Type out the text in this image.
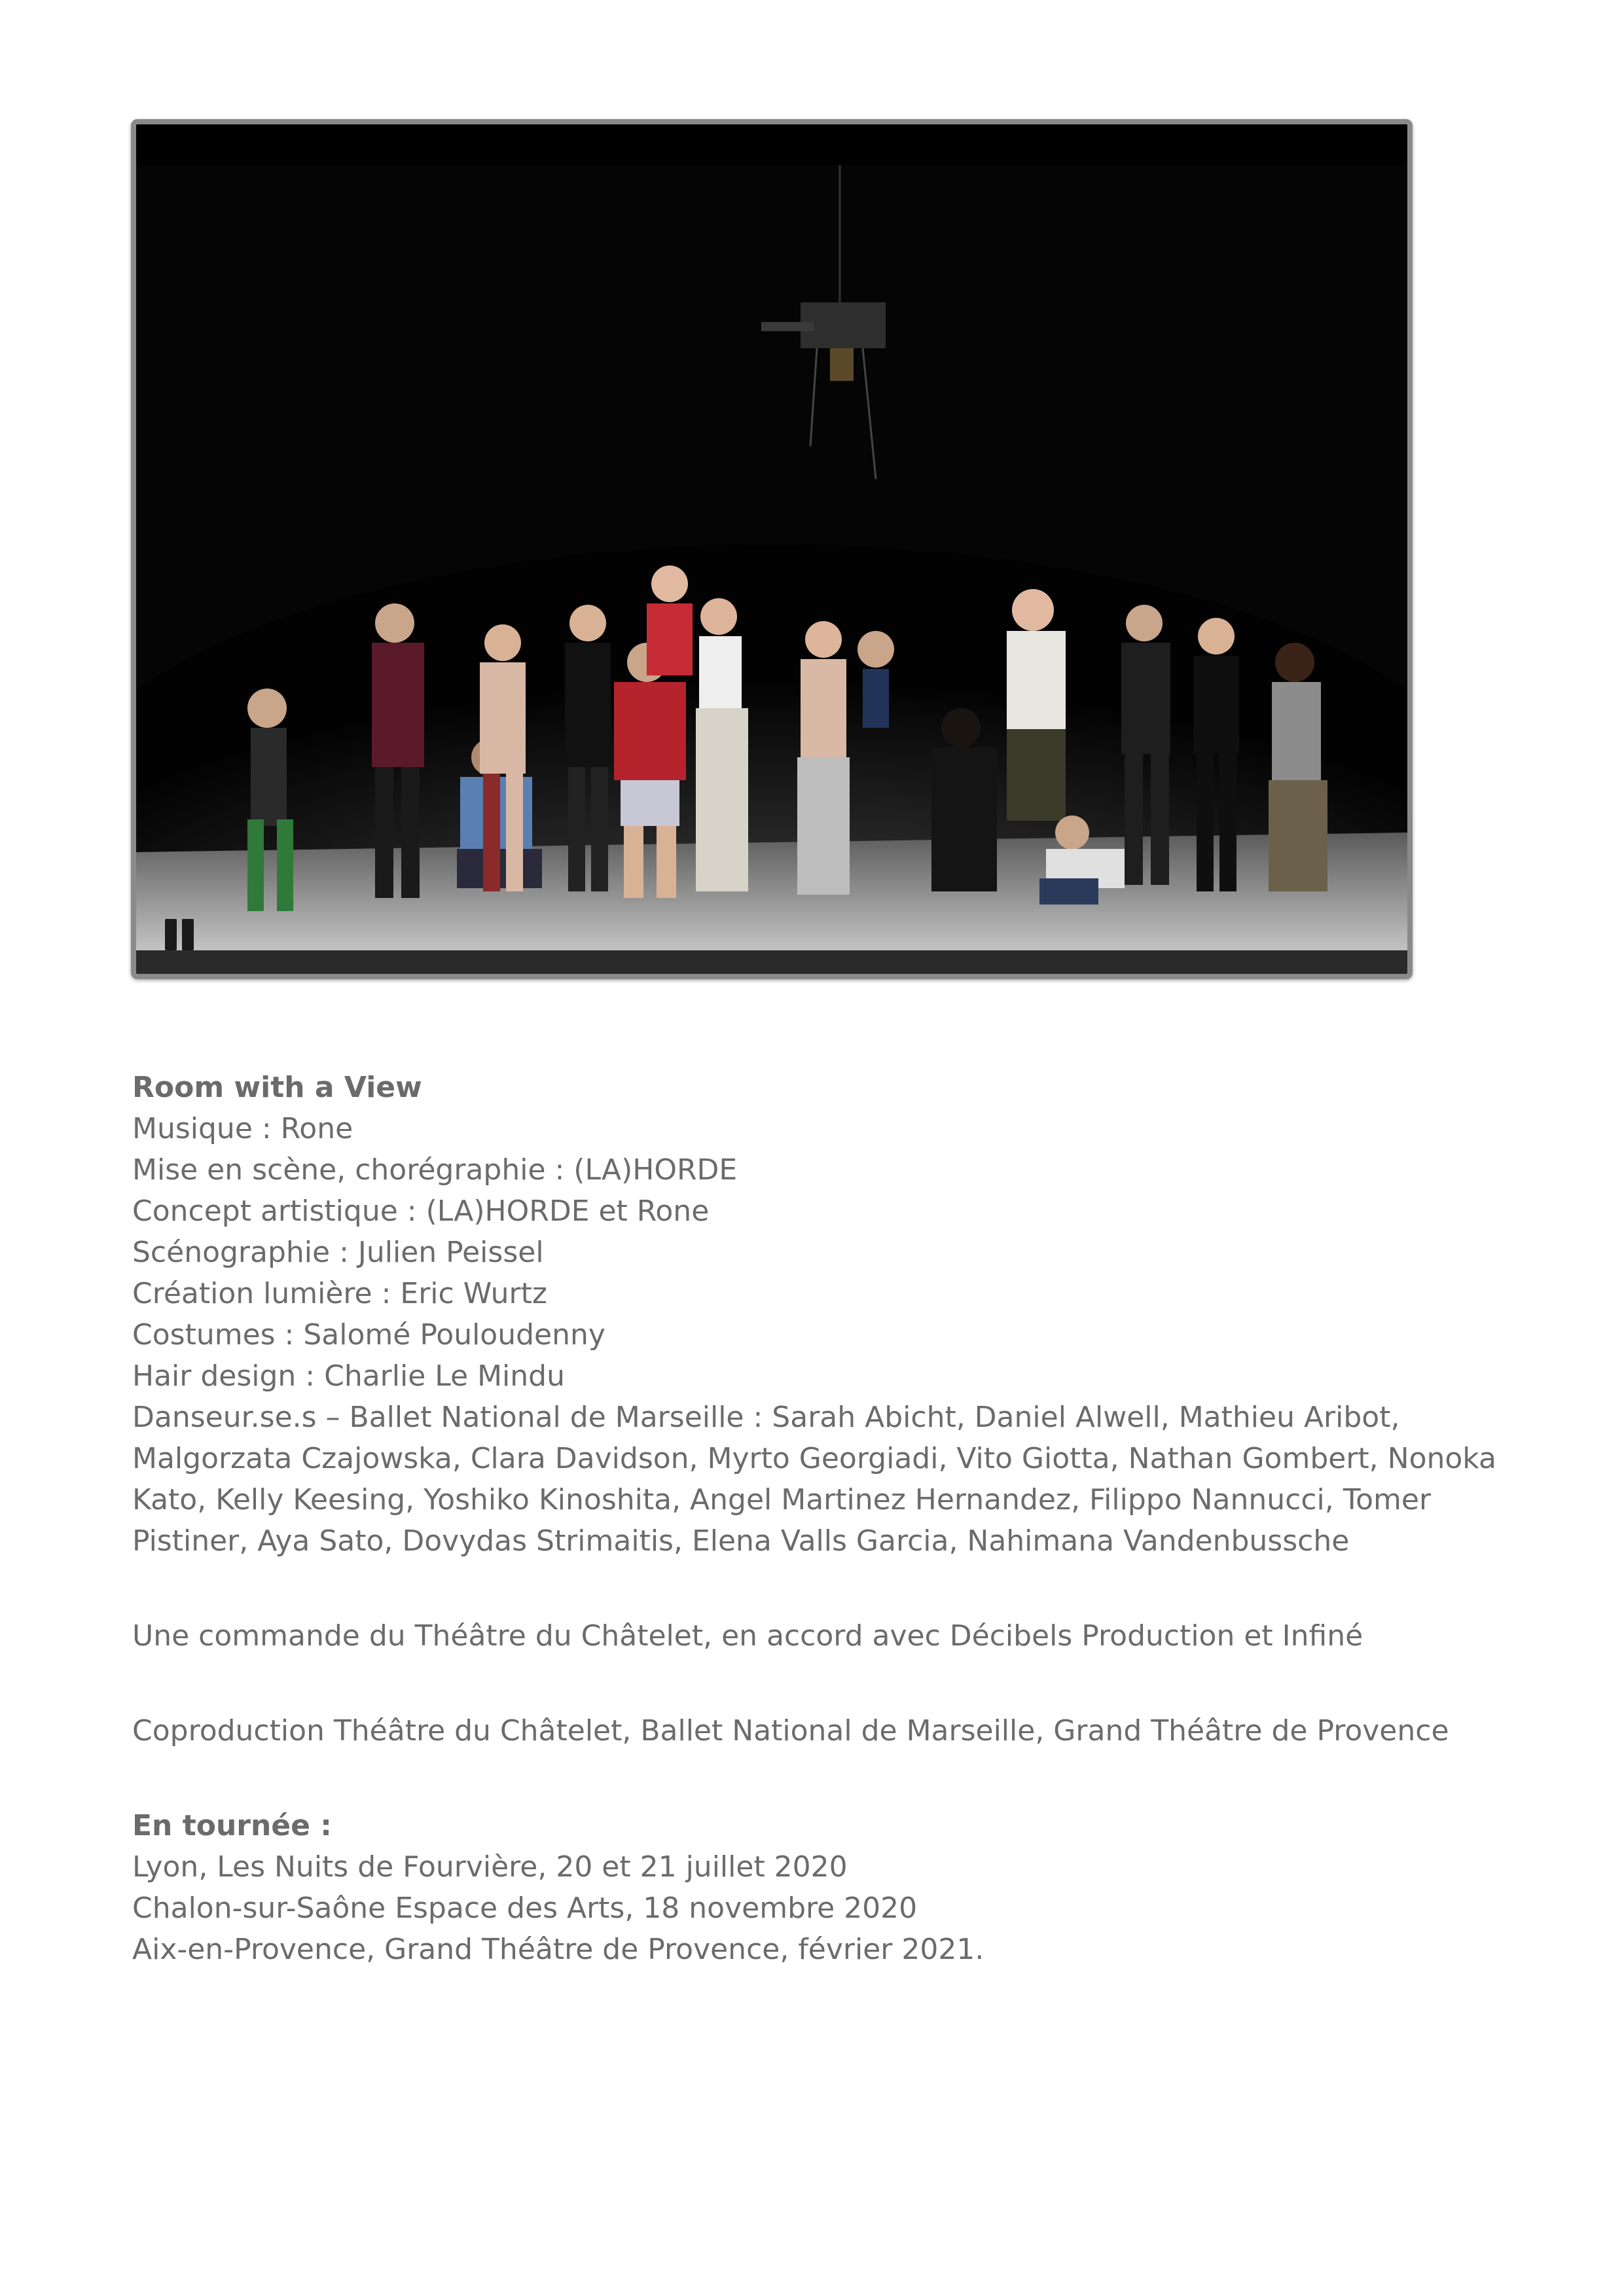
Room with a View
Musique : Rone
Mise en scène, chorégraphie : (LA)HORDE
Concept artistique : (LA)HORDE et Rone
Scénographie : Julien Peissel
Création lumière : Eric Wurtz
Costumes : Salomé Pouloudenny
Hair design : Charlie Le Mindu
Danseur.se.s – Ballet National de Marseille : Sarah Abicht, Daniel Alwell, Mathieu Aribot,
Malgorzata Czajowska, Clara Davidson, Myrto Georgiadi, Vito Giotta, Nathan Gombert, Nonoka
Kato, Kelly Keesing, Yoshiko Kinoshita, Angel Martinez Hernandez, Filippo Nannucci, Tomer
Pistiner, Aya Sato, Dovydas Strimaitis, Elena Valls Garcia, Nahimana Vandenbussche
Une commande du Théâtre du Châtelet, en accord avec Décibels Production et Infiné
Coproduction Théâtre du Châtelet, Ballet National de Marseille, Grand Théâtre de Provence
En tournée :
Lyon, Les Nuits de Fourvière, 20 et 21 juillet 2020
Chalon-sur-Saône Espace des Arts, 18 novembre 2020
Aix-en-Provence, Grand Théâtre de Provence, février 2021.
